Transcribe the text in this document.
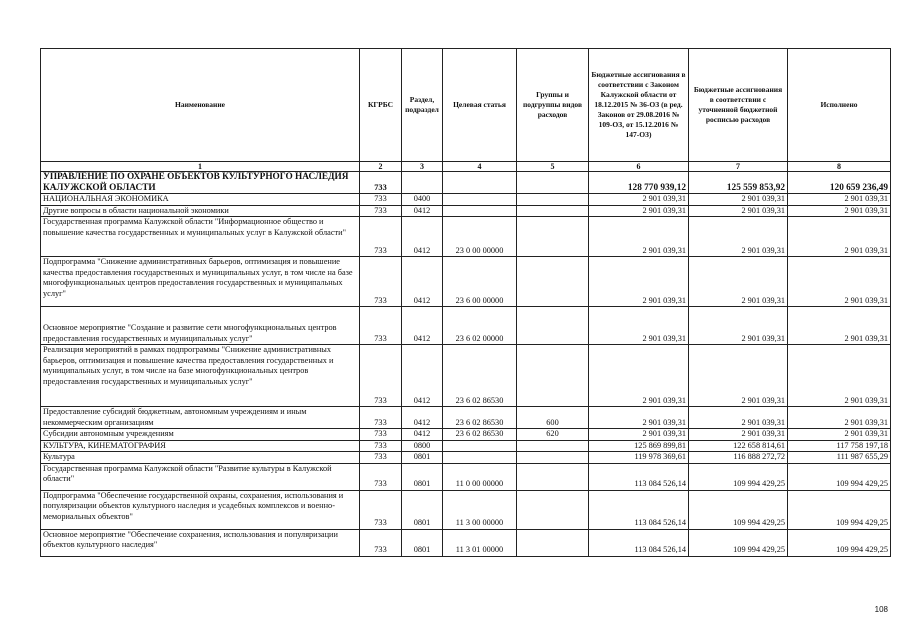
Наименование	КГРБС	Раздел, подраздел	Целевая статья	Группы и подгруппы видов расходов	Бюджетные ассигнования в соответствии с Законом Калужской области от 18.12.2015 № 36-ОЗ (в ред. Законов от 29.08.2016 № 109-ОЗ, от 15.12.2016 № 147-ОЗ)	Бюджетные ассигнования в соответствии с уточненной бюджетной росписью расходов	Исполнено
1	2	3	4	5	6	7	8
УПРАВЛЕНИЕ ПО ОХРАНЕ ОБЪЕКТОВ КУЛЬТУРНОГО НАСЛЕДИЯ КАЛУЖСКОЙ ОБЛАСТИ	733				128 770 939,12	125 559 853,92	120 659 236,49
НАЦИОНАЛЬНАЯ ЭКОНОМИКА	733	0400			2 901 039,31	2 901 039,31	2 901 039,31
Другие вопросы в области национальной экономики	733	0412			2 901 039,31	2 901 039,31	2 901 039,31
Государственная программа Калужской области "Информационное общество и повышение качества государственных и муниципальных услуг в Калужской области"	733	0412	23 0 00 00000		2 901 039,31	2 901 039,31	2 901 039,31
Подпрограмма "Снижение административных барьеров, оптимизация и повышение качества предоставления государственных и муниципальных услуг, в том числе на базе многофункциональных центров предоставления государственных и муниципальных услуг"	733	0412	23 6 00 00000		2 901 039,31	2 901 039,31	2 901 039,31
Основное мероприятие "Создание и развитие сети многофункциональных центров предоставления государственных и муниципальных услуг"	733	0412	23 6 02 00000		2 901 039,31	2 901 039,31	2 901 039,31
Реализация мероприятий в рамках подпрограммы "Снижение административных барьеров, оптимизация и повышение качества предоставления государственных и муниципальных услуг, в том числе на базе многофункциональных центров предоставления государственных и муниципальных услуг"	733	0412	23 6 02 86530		2 901 039,31	2 901 039,31	2 901 039,31
Предоставление субсидий бюджетным, автономным учреждениям и иным некоммерческим организациям	733	0412	23 6 02 86530	600	2 901 039,31	2 901 039,31	2 901 039,31
Субсидии автономным учреждениям	733	0412	23 6 02 86530	620	2 901 039,31	2 901 039,31	2 901 039,31
КУЛЬТУРА, КИНЕМАТОГРАФИЯ	733	0800			125 869 899,81	122 658 814,61	117 758 197,18
Культура	733	0801			119 978 369,61	116 888 272,72	111 987 655,29
Государственная программа Калужской области "Развитие культуры в Калужской области"	733	0801	11 0 00 00000		113 084 526,14	109 994 429,25	109 994 429,25
Подпрограмма "Обеспечение государственной охраны, сохранения, использования и популяризации объектов культурного наследия и усадебных комплексов и военно-мемориальных объектов"	733	0801	11 3 00 00000		113 084 526,14	109 994 429,25	109 994 429,25
Основное мероприятие "Обеспечение сохранения, использования и популяризации объектов культурного наследия"	733	0801	11 3 01 00000		113 084 526,14	109 994 429,25	109 994 429,25
108
